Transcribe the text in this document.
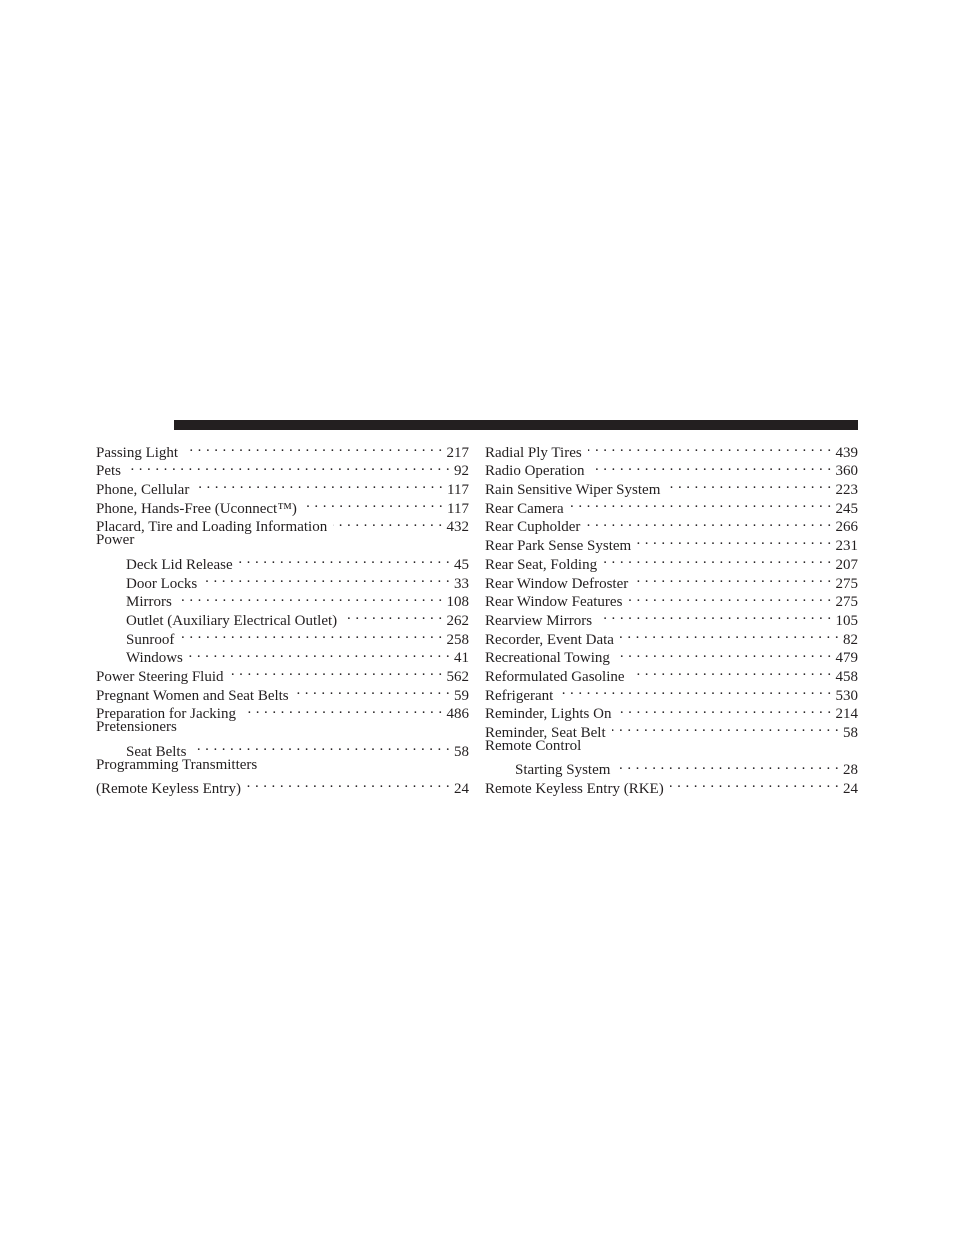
Passing Light . . .	217
Pets . . .	92
Phone, Cellular . . .	117
Phone, Hands-Free (Uconnect™) . . .	117
Placard, Tire and Loading Information . . .	432
Power
Deck Lid Release . . .	45
Door Locks . . .	33
Mirrors . . .	108
Outlet (Auxiliary Electrical Outlet) . . .	262
Sunroof . . .	258
Windows . . .	41
Power Steering Fluid . . .	562
Pregnant Women and Seat Belts . . .	59
Preparation for Jacking . . .	486
Pretensioners
Seat Belts . . .	58
Programming Transmitters
(Remote Keyless Entry) . . .	24
Radial Ply Tires . . .	439
Radio Operation . . .	360
Rain Sensitive Wiper System . . .	223
Rear Camera . . .	245
Rear Cupholder . . .	266
Rear Park Sense System . . .	231
Rear Seat, Folding . . .	207
Rear Window Defroster . . .	275
Rear Window Features . . .	275
Rearview Mirrors . . .	105
Recorder, Event Data . . .	82
Recreational Towing . . .	479
Reformulated Gasoline . . .	458
Refrigerant . . .	530
Reminder, Lights On . . .	214
Reminder, Seat Belt . . .	58
Remote Control
Starting System . . .	28
Remote Keyless Entry (RKE) . . .	24
